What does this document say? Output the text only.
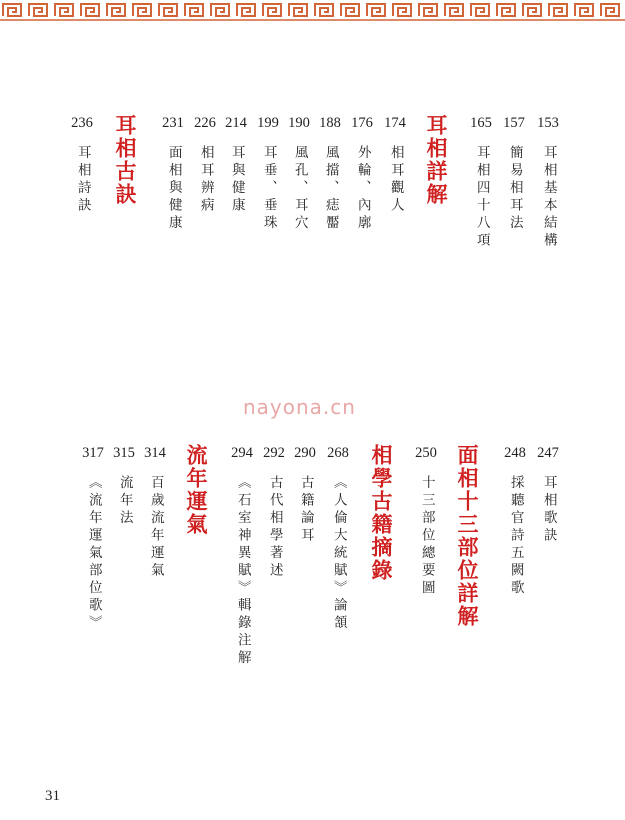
153
耳相基本結構
157
簡易相耳法
165
耳相四十八項
耳相詳解
174
相耳觀人
176
外輪、內廓
188
風擋、痣靨
190
風孔、耳穴
199
耳垂、垂珠
214
耳與健康
226
相耳辨病
231
面相與健康
耳相古訣
236
耳相詩訣
nayona.cn
247
耳相歌訣
248
採聽官詩五闕歌
面相十三部位詳解
250
十三部位總要圖
相學古籍摘錄
268
《人倫大統賦》論頷
290
古籍論耳
292
古代相學著述
294
《石室神異賦》輯錄注解
流年運氣
314
百歲流年運氣
315
流年法
317
《流年運氣部位歌》
31
